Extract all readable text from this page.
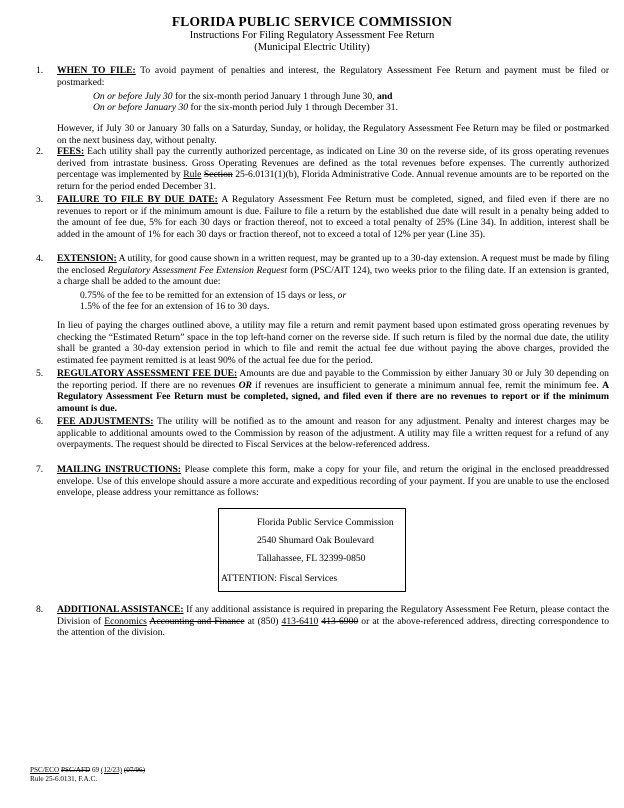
FLORIDA PUBLIC SERVICE COMMISSION
Instructions For Filing Regulatory Assessment Fee Return
(Municipal Electric Utility)
1. WHEN TO FILE: To avoid payment of penalties and interest, the Regulatory Assessment Fee Return and payment must be filed or postmarked:
On or before July 30 for the six-month period January 1 through June 30, and
On or before January 30 for the six-month period July 1 through December 31.
However, if July 30 or January 30 falls on a Saturday, Sunday, or holiday, the Regulatory Assessment Fee Return may be filed or postmarked on the next business day, without penalty.
2. FEES: Each utility shall pay the currently authorized percentage, as indicated on Line 30 on the reverse side, of its gross operating revenues derived from intrastate business. Gross Operating Revenues are defined as the total revenues before expenses. The currently authorized percentage was implemented by Rule Section 25-6.0131(1)(b), Florida Administrative Code. Annual revenue amounts are to be reported on the return for the period ended December 31.
3. FAILURE TO FILE BY DUE DATE: A Regulatory Assessment Fee Return must be completed, signed, and filed even if there are no revenues to report or if the minimum amount is due. Failure to file a return by the established due date will result in a penalty being added to the amount of fee due, 5% for each 30 days or fraction thereof, not to exceed a total penalty of 25% (Line 34). In addition, interest shall be added in the amount of 1% for each 30 days or fraction thereof, not to exceed a total of 12% per year (Line 35).
4. EXTENSION: A utility, for good cause shown in a written request, may be granted up to a 30-day extension. A request must be made by filing the enclosed Regulatory Assessment Fee Extension Request form (PSC/AIT 124), two weeks prior to the filing date. If an extension is granted, a charge shall be added to the amount due:
0.75% of the fee to be remitted for an extension of 15 days or less, or
1.5% of the fee for an extension of 16 to 30 days.
In lieu of paying the charges outlined above, a utility may file a return and remit payment based upon estimated gross operating revenues by checking the “Estimated Return” space in the top left-hand corner on the reverse side. If such return is filed by the normal due date, the utility shall be granted a 30-day extension period in which to file and remit the actual fee due without paying the above charges, provided the estimated fee payment remitted is at least 90% of the actual fee due for the period.
5. REGULATORY ASSESSMENT FEE DUE: Amounts are due and payable to the Commission by either January 30 or July 30 depending on the reporting period. If there are no revenues OR if revenues are insufficient to generate a minimum annual fee, remit the minimum fee. A Regulatory Assessment Fee Return must be completed, signed, and filed even if there are no revenues to report or if the minimum amount is due.
6. FEE ADJUSTMENTS: The utility will be notified as to the amount and reason for any adjustment. Penalty and interest charges may be applicable to additional amounts owed to the Commission by reason of the adjustment. A utility may file a written request for a refund of any overpayments. The request should be directed to Fiscal Services at the below-referenced address.
7. MAILING INSTRUCTIONS: Please complete this form, make a copy for your file, and return the original in the enclosed preaddressed envelope. Use of this envelope should assure a more accurate and expeditious recording of your payment. If you are unable to use the enclosed envelope, please address your remittance as follows:
Florida Public Service Commission
2540 Shumard Oak Boulevard
Tallahassee, FL 32399-0850
ATTENTION: Fiscal Services
8. ADDITIONAL ASSISTANCE: If any additional assistance is required in preparing the Regulatory Assessment Fee Return, please contact the Division of Economics Accounting and Finance at (850) 413-6410 413-6900 or at the above-referenced address, directing correspondence to the attention of the division.
PSC/ECO PSC/AFD 69 (12/23) (07/96)
Rule 25-6.0131, F.A.C.
